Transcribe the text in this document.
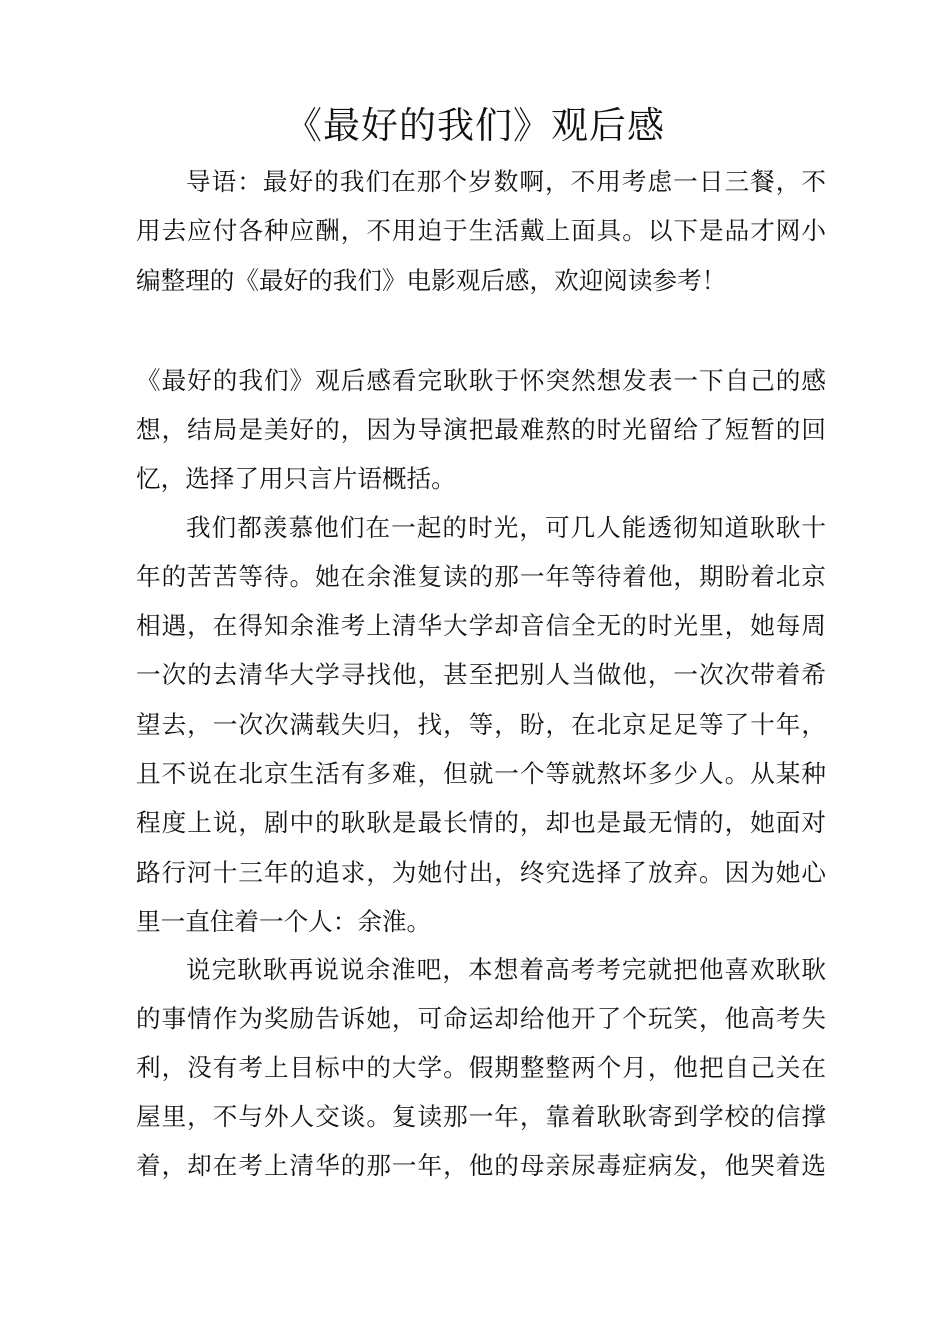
《最好的我们》观后感
导语：最好的我们在那个岁数啊，不用考虑一日三餐，不
用去应付各种应酬，不用迫于生活戴上面具。以下是品才网小
编整理的《最好的我们》电影观后感，欢迎阅读参考！
《最好的我们》观后感看完耿耿于怀突然想发表一下自己的感
想，结局是美好的，因为导演把最难熬的时光留给了短暂的回
忆，选择了用只言片语概括。
我们都羡慕他们在一起的时光，可几人能透彻知道耿耿十
年的苦苦等待。她在余淮复读的那一年等待着他，期盼着北京
相遇，在得知余淮考上清华大学却音信全无的时光里，她每周
一次的去清华大学寻找他，甚至把别人当做他，一次次带着希
望去，一次次满载失归，找，等，盼，在北京足足等了十年，
且不说在北京生活有多难，但就一个等就熬坏多少人。从某种
程度上说，剧中的耿耿是最长情的，却也是最无情的，她面对
路行河十三年的追求，为她付出，终究选择了放弃。因为她心
里一直住着一个人：余淮。
说完耿耿再说说余淮吧，本想着高考考完就把他喜欢耿耿
的事情作为奖励告诉她，可命运却给他开了个玩笑，他高考失
利，没有考上目标中的大学。假期整整两个月，他把自己关在
屋里，不与外人交谈。复读那一年，靠着耿耿寄到学校的信撑
着，却在考上清华的那一年，他的母亲尿毒症病发，他哭着选
